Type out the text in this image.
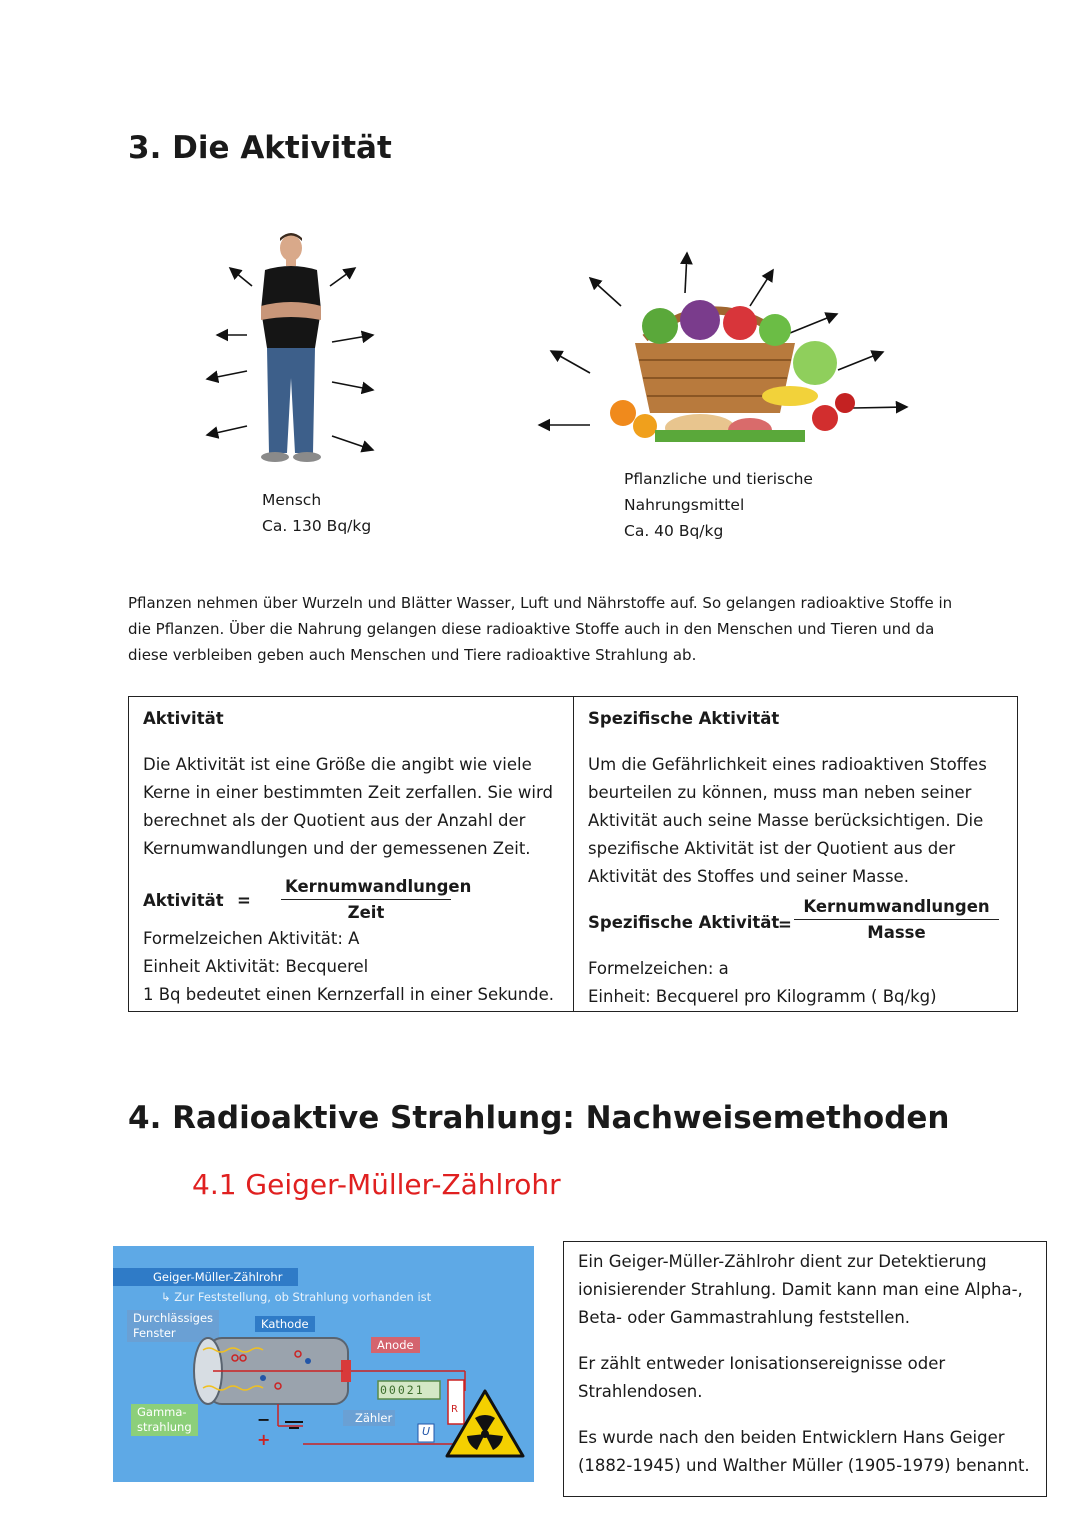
3. Die Aktivität
Mensch
Ca. 130 Bq/kg
Pflanzliche und tierische
Nahrungsmittel
Ca. 40 Bq/kg
Pflanzen nehmen über Wurzeln und Blätter Wasser, Luft und Nährstoffe auf. So gelangen radioaktive Stoffe in die Pflanzen. Über die Nahrung gelangen diese radioaktive Stoffe auch in den Menschen und Tieren und da diese verbleiben geben auch Menschen und Tiere radioaktive Strahlung ab.
Aktivität
Die Aktivität ist eine Größe die angibt wie viele Kerne in einer bestimmten Zeit zerfallen. Sie wird berechnet als der Quotient aus der Anzahl der Kernumwandlungen und der gemessenen Zeit.
Aktivität =
Kernumwandlungen
Zeit
Formelzeichen Aktivität: A
Einheit Aktivität: Becquerel
1 Bq bedeutet einen Kernzerfall in einer Sekunde.
Spezifische Aktivität
Um die Gefährlichkeit eines radioaktiven Stoffes beurteilen zu können, muss man neben seiner Aktivität auch seine Masse berücksichtigen. Die spezifische Aktivität ist der Quotient aus der Aktivität des Stoffes und seiner Masse.
Spezifische Aktivität
=
Kernumwandlungen
Masse
Formelzeichen: a
Einheit: Becquerel pro Kilogramm ( Bq/kg)
4. Radioaktive Strahlung: Nachweisemethoden
4.1 Geiger-Müller-Zählrohr
Geiger-Müller-Zählrohr
↳ Zur Feststellung, ob Strahlung vorhanden ist
Durchlässiges
Fenster
Kathode
Anode
Gamma-
strahlung
00021
Zähler
R
U
−
+

Ein Geiger-Müller-Zählrohr dient zur Detektierung ionisierender Strahlung. Damit kann man eine Alpha-, Beta- oder Gammastrahlung feststellen.

Er zählt entweder Ionisationsereignisse oder Strahlendosen.

Es wurde nach den beiden Entwicklern Hans Geiger (1882-1945) und Walther Müller (1905-1979) benannt.
